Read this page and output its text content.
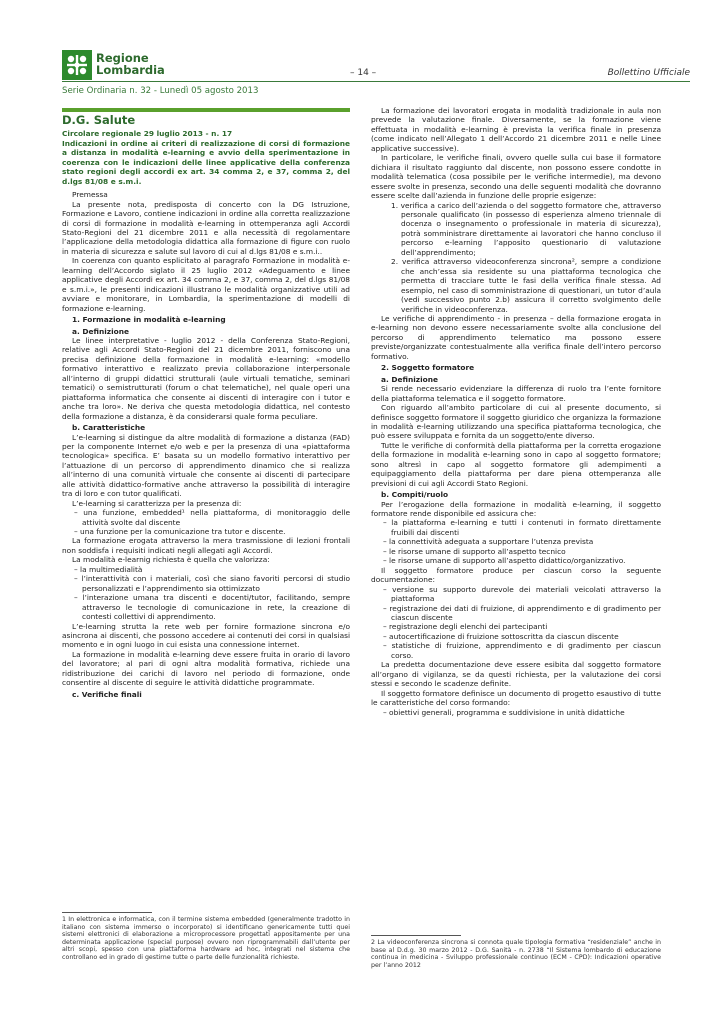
Regione
Lombardia	– 14 –	Bollettino Ufficiale
Serie Ordinaria n. 32 - Lunedì 05 agosto 2013
D.G. Salute
Circolare regionale 29 luglio 2013 - n. 17
Indicazioni in ordine ai criteri di realizzazione di corsi di formazione a distanza in modalità e-learning e avvio della sperimentazione in coerenza con le indicazioni delle linee applicative della conferenza stato regioni degli accordi ex art. 34 comma 2, e 37, comma 2, del d.lgs 81/08 e s.m.i.

Premessa

La presente nota, predisposta di concerto con la DG Istruzione, Formazione e Lavoro, contiene indicazioni in ordine alla corretta realizzazione di corsi di formazione in modalità e-learning in ottemperanza agli Accordi Stato-Regioni del 21 dicembre 2011 e alla necessità di regolamentare l’applicazione della metodologia didattica alla formazione di figure con ruolo in materia di sicurezza e salute sul lavoro di cui al d.lgs 81/08 e s.m.i..

In coerenza con quanto esplicitato al paragrafo Formazione in modalità e-learning dell’Accordo siglato il 25 luglio 2012 «Adeguamento e linee applicative degli Accordi ex art. 34 comma 2, e 37, comma 2, del d.lgs 81/08 e s.m.i.», le presenti indicazioni illustrano le modalità organizzative utili ad avviare e monitorare, in Lombardia, la sperimentazione di modelli di formazione e-learning.

1. Formazione in modalità e-learning

a. Definizione

Le linee interpretative - luglio 2012 - della Conferenza Stato-Regioni, relative agli Accordi Stato-Regioni del 21 dicembre 2011, forniscono una precisa definizione della formazione in modalità e-learning: «modello formativo interattivo e realizzato previa collaborazione interpersonale all’interno di gruppi didattici strutturali (aule virtuali tematiche, seminari tematici) o semistrutturati (forum o chat telematiche), nel quale operi una piattaforma informatica che consente ai discenti di interagire con i tutor e anche tra loro». Ne deriva che questa metodologia didattica, nel contesto della formazione a distanza, è da considerarsi quale forma peculiare.

b. Caratteristiche

L’e-learning si distingue da altre modalità di formazione a distanza (FAD) per la componente Internet e/o web e per la presenza di una «piattaforma tecnologica» specifica. E’ basata su un modello formativo interattivo per l’attuazione di un percorso di apprendimento dinamico che si realizza all’interno di una comunità virtuale che consente ai discenti di partecipare alle attività didattico-formative anche attraverso la possibilità di interagire tra di loro e con tutor qualificati.

L’e-learning si caratterizza per la presenza di:

– una funzione, embedded¹ nella piattaforma, di monitoraggio delle attività svolte dal discente

– una funzione per la comunicazione tra tutor e discente.

La formazione erogata attraverso la mera trasmissione di lezioni frontali non soddisfa i requisiti indicati negli allegati agli Accordi.

La modalità e-learnig richiesta è quella che valorizza:

– la multimedialità

– l’interattività con i materiali, così che siano favoriti percorsi di studio personalizzati e l’apprendimento sia ottimizzato

– l’interazione umana tra discenti e docenti/tutor, facilitando, sempre attraverso le tecnologie di comunicazione in rete, la creazione di contesti collettivi di apprendimento.

L’e-learning strutta la rete web per fornire formazione sincrona e/o asincrona ai discenti, che possono accedere ai contenuti dei corsi in qualsiasi momento e in ogni luogo in cui esista una connessione internet.

La formazione in modalità e-learning deve essere fruita in orario di lavoro del lavoratore; al pari di ogni altra modalità formativa, richiede una ridistribuzione dei carichi di lavoro nel periodo di formazione, onde consentire al discente di seguire le attività didattiche programmate.

c. Verifiche finali

1 In elettronica e informatica, con il termine sistema embedded (generalmente tradotto in italiano con sistema immerso o incorporato) si identificano genericamente tutti quei sistemi elettronici di elaborazione a microprocessore progettati appositamente per una determinata applicazione (special purpose) ovvero non riprogrammabili dall’utente per altri scopi, spesso con una piattaforma hardware ad hoc, integrati nel sistema che controllano ed in grado di gestirne tutte o parte delle funzionalità richieste.

La formazione dei lavoratori erogata in modalità tradizionale in aula non prevede la valutazione finale. Diversamente, se la formazione viene effettuata in modalità e-learning è prevista la verifica finale in presenza (come indicato nell’Allegato 1 dell’Accordo 21 dicembre 2011 e nelle Linee applicative successive).

In particolare, le verifiche finali, ovvero quelle sulla cui base il formatore dichiara il risultato raggiunto dal discente, non possono essere condotte in modalità telematica (cosa possibile per le verifiche intermedie), ma devono essere svolte in presenza, secondo una delle seguenti modalità che dovranno essere scelte dall’azienda in funzione delle proprie esigenze:

1. verifica a carico dell’azienda o del soggetto formatore che, attraverso personale qualificato (in possesso di esperienza almeno triennale di docenza o insegnamento o professionale in materia di sicurezza), potrà somministrare direttamente ai lavoratori che hanno concluso il percorso e-learning l’apposito questionario di valutazione dell’apprendimento;

2. verifica attraverso videoconferenza sincrona², sempre a condizione che anch’essa sia residente su una piattaforma tecnologica che permetta di tracciare tutte le fasi della verifica finale stessa. Ad esempio, nel caso di somministrazione di questionari, un tutor d’aula (vedi successivo punto 2.b) assicura il corretto svolgimento delle verifiche in videoconferenza.

Le verifiche di apprendimento - in presenza – della formazione erogata in e-learning non devono essere necessariamente svolte alla conclusione del percorso di apprendimento telematico ma possono essere previste/organizzate contestualmente alla verifica finale dell’intero percorso formativo.

2. Soggetto formatore

a. Definizione

Si rende necessario evidenziare la differenza di ruolo tra l’ente fornitore della piattaforma telematica e il soggetto formatore.

Con riguardo all’ambito particolare di cui al presente documento, si definisce soggetto formatore il soggetto giuridico che organizza la formazione in modalità e-learning utilizzando una specifica piattaforma tecnologica, che può essere sviluppata e fornita da un soggetto/ente diverso.

Tutte le verifiche di conformità della piattaforma per la corretta erogazione della formazione in modalità e-learning sono in capo al soggetto formatore; sono altresì in capo al soggetto formatore gli adempimenti a equipaggiamento della piattaforma per dare piena ottemperanza alle previsioni di cui agli Accordi Stato Regioni.

b. Compiti/ruolo

Per l’erogazione della formazione in modalità e-learning, il soggetto formatore rende disponibile ed assicura che:

– la piattaforma e-learning e tutti i contenuti in formato direttamente fruibili dai discenti

– la connettività adeguata a supportare l’utenza prevista

– le risorse umane di supporto all’aspetto tecnico

– le risorse umane di supporto all’aspetto didattico/organizzativo.

Il soggetto formatore produce per ciascun corso la seguente documentazione:

– versione su supporto durevole dei materiali veicolati attraverso la piattaforma

– registrazione dei dati di fruizione, di apprendimento e di gradimento per ciascun discente

– registrazione degli elenchi dei partecipanti

– autocertificazione di fruizione sottoscritta da ciascun discente

– statistiche di fruizione, apprendimento e di gradimento per ciascun corso.

La predetta documentazione deve essere esibita dal soggetto formatore all’organo di vigilanza, se da questi richiesta, per la valutazione dei corsi stessi e secondo le scadenze definite.

Il soggetto formatore definisce un documento di progetto esaustivo di tutte le caratteristiche del corso formando:

– obiettivi generali, programma e suddivisione in unità didattiche

2 La videoconferenza sincrona si connota quale tipologia formativa “residenziale” anche in base al D.d.g. 30 marzo 2012 - D.G. Sanità - n. 2738 “Il Sistema lombardo di educazione continua in medicina - Sviluppo professionale continuo (ECM - CPD): Indicazioni operative per l’anno 2012
